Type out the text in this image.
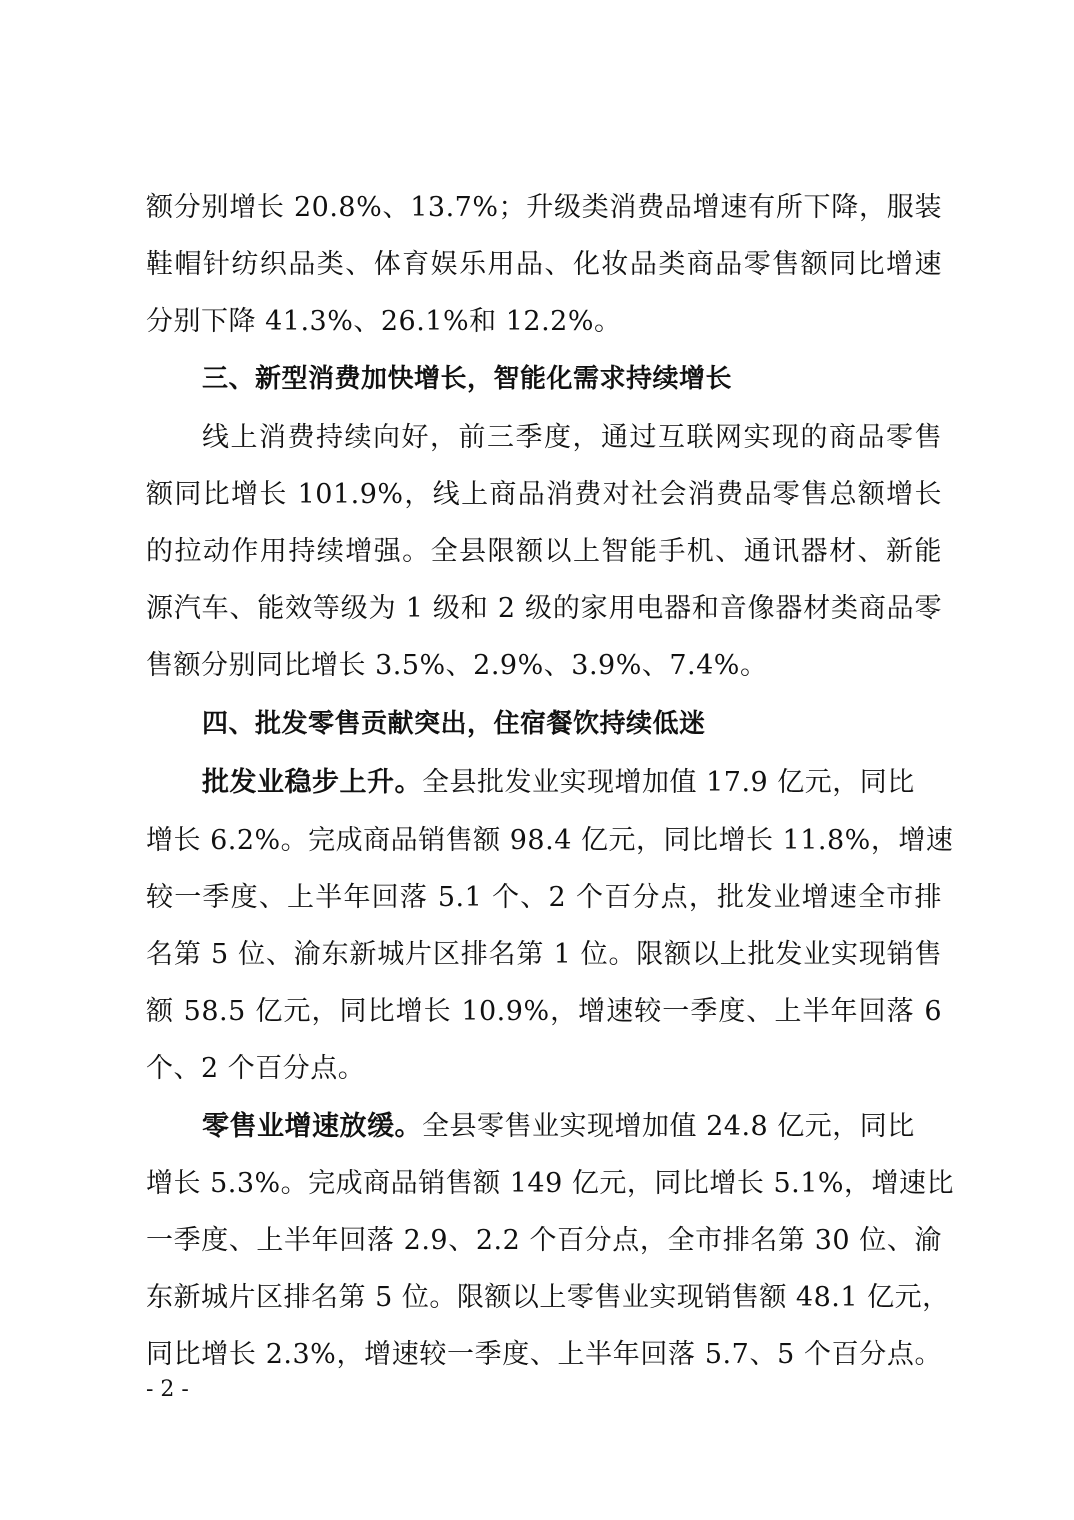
额分别增长 20.8%、13.7%；升级类消费品增速有所下降，服装

鞋帽针纺织品类、体育娱乐用品、化妆品类商品零售额同比增速

分别下降 41.3%、26.1%和 12.2%。

三、新型消费加快增长，智能化需求持续增长

线上消费持续向好，前三季度，通过互联网实现的商品零售

额同比增长 101.9%，线上商品消费对社会消费品零售总额增长

的拉动作用持续增强。全县限额以上智能手机、通讯器材、新能

源汽车、能效等级为 1 级和 2 级的家用电器和音像器材类商品零

售额分别同比增长 3.5%、2.9%、3.9%、7.4%。

四、批发零售贡献突出，住宿餐饮持续低迷

批发业稳步上升。全县批发业实现增加值 17.9 亿元，同比

增长 6.2%。完成商品销售额 98.4 亿元，同比增长 11.8%，增速

较一季度、上半年回落 5.1 个、2 个百分点，批发业增速全市排

名第 5 位、渝东新城片区排名第 1 位。限额以上批发业实现销售

额 58.5 亿元，同比增长 10.9%，增速较一季度、上半年回落 6

个、2 个百分点。

零售业增速放缓。全县零售业实现增加值 24.8 亿元，同比

增长 5.3%。完成商品销售额 149 亿元，同比增长 5.1%，增速比

一季度、上半年回落 2.9、2.2 个百分点，全市排名第 30 位、渝

东新城片区排名第 5 位。限额以上零售业实现销售额 48.1 亿元，

同比增长 2.3%，增速较一季度、上半年回落 5.7、5 个百分点。

- 2 -
